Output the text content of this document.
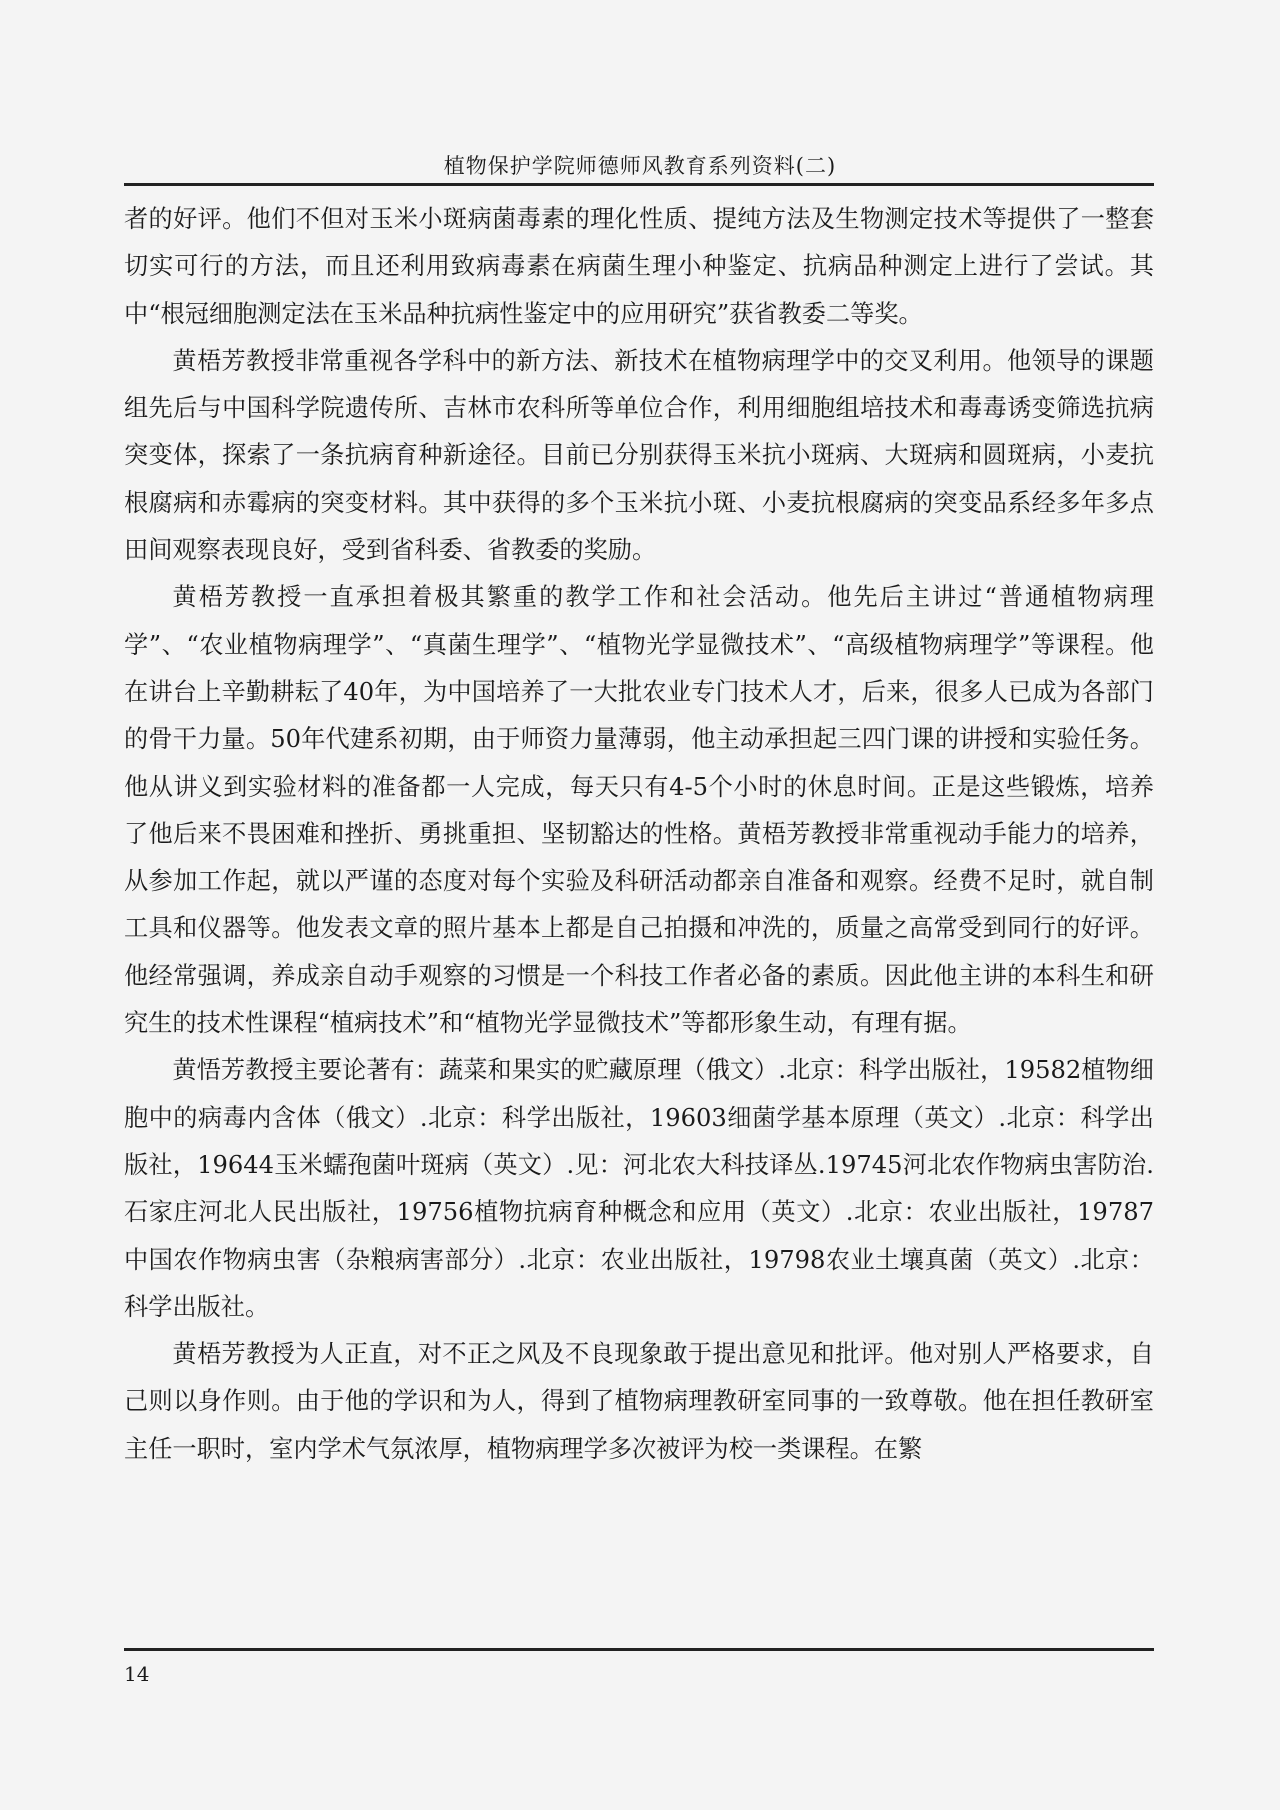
植物保护学院师德师风教育系列资料(二)

者的好评。他们不但对玉米小斑病菌毒素的理化性质、提纯方法及生物测定技术等提供了一整套切实可行的方法，而且还利用致病毒素在病菌生理小种鉴定、抗病品种测定上进行了尝试。其中“根冠细胞测定法在玉米品种抗病性鉴定中的应用研究”获省教委二等奖。

黄梧芳教授非常重视各学科中的新方法、新技术在植物病理学中的交叉利用。他领导的课题组先后与中国科学院遗传所、吉林市农科所等单位合作，利用细胞组培技术和毒毒诱变筛选抗病突变体，探索了一条抗病育种新途径。目前已分别获得玉米抗小斑病、大斑病和圆斑病，小麦抗根腐病和赤霉病的突变材料。其中获得的多个玉米抗小斑、小麦抗根腐病的突变品系经多年多点田间观察表现良好，受到省科委、省教委的奖励。

黄梧芳教授一直承担着极其繁重的教学工作和社会活动。他先后主讲过“普通植物病理学”、“农业植物病理学”、“真菌生理学”、“植物光学显微技术”、“高级植物病理学”等课程。他在讲台上辛勤耕耘了40年，为中国培养了一大批农业专门技术人才，后来，很多人已成为各部门的骨干力量。50年代建系初期，由于师资力量薄弱，他主动承担起三四门课的讲授和实验任务。他从讲义到实验材料的准备都一人完成，每天只有4-5个小时的休息时间。正是这些锻炼，培养了他后来不畏困难和挫折、勇挑重担、坚韧豁达的性格。黄梧芳教授非常重视动手能力的培养，从参加工作起，就以严谨的态度对每个实验及科研活动都亲自准备和观察。经费不足时，就自制工具和仪器等。他发表文章的照片基本上都是自己拍摄和冲洗的，质量之高常受到同行的好评。他经常强调，养成亲自动手观察的习惯是一个科技工作者必备的素质。因此他主讲的本科生和研究生的技术性课程“植病技术”和“植物光学显微技术”等都形象生动，有理有据。

黄悟芳教授主要论著有：蔬菜和果实的贮藏原理（俄文）.北京：科学出版社，19582植物细胞中的病毒内含体（俄文）.北京：科学出版社，19603细菌学基本原理（英文）.北京：科学出版社，19644玉米蠕孢菌叶斑病（英文）.见：河北农大科技译丛.19745河北农作物病虫害防治.石家庄河北人民出版社，19756植物抗病育种概念和应用（英文）.北京：农业出版社，19787中国农作物病虫害（杂粮病害部分）.北京：农业出版社，19798农业土壤真菌（英文）.北京：科学出版社。

黄梧芳教授为人正直，对不正之风及不良现象敢于提出意见和批评。他对别人严格要求，自己则以身作则。由于他的学识和为人，得到了植物病理教研室同事的一致尊敬。他在担任教研室主任一职时，室内学术气氛浓厚，植物病理学多次被评为校一类课程。在繁

14
